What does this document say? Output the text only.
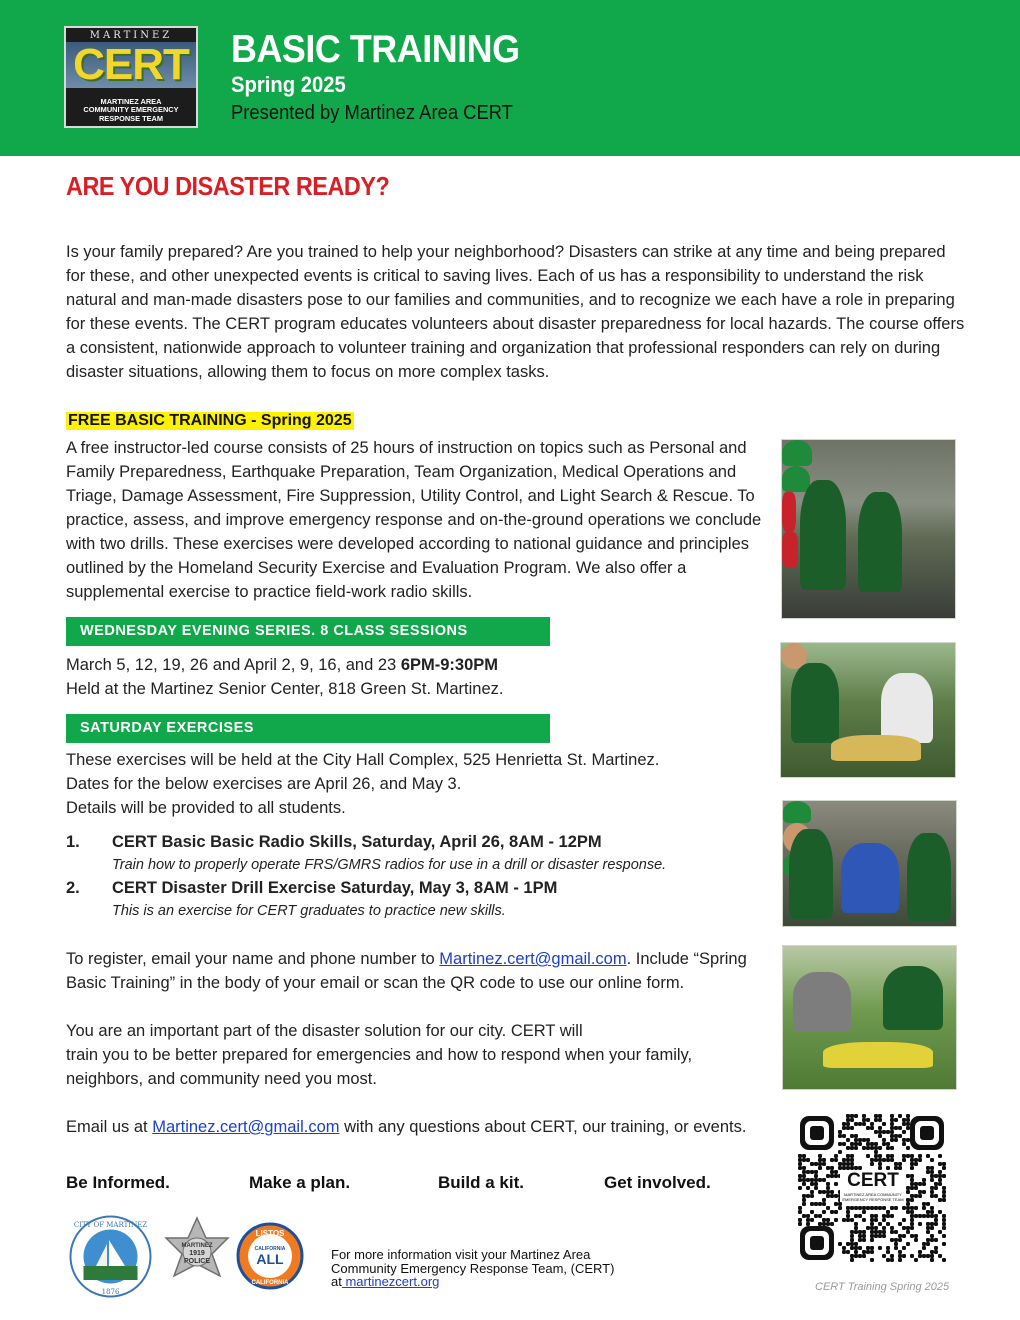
MARTINEZ
CERT
MARTINEZ AREA
COMMUNITY EMERGENCY
RESPONSE TEAM
BASIC TRAINING
Spring 2025
Presented by Martinez Area CERT
ARE YOU DISASTER READY?
Is your family prepared? Are you trained to help your neighborhood? Disasters can strike at any time and being prepared for these, and other unexpected events is critical to saving lives. Each of us has a responsibility to understand the risk natural and man-made disasters pose to our families and communities, and to recognize we each have a role in preparing for these events. The CERT program educates volunteers about disaster preparedness for local hazards. The course offers a consistent, nationwide approach to volunteer training and organization that professional responders can rely on during disaster situations, allowing them to focus on more complex tasks.
FREE BASIC TRAINING - Spring 2025
A free instructor-led course consists of 25 hours of instruction on topics such as Personal and Family Preparedness, Earthquake Preparation, Team Organization, Medical Operations and Triage, Damage Assessment, Fire Suppression, Utility Control, and Light Search & Rescue. To practice, assess, and improve emergency response and on-the-ground operations we conclude with two drills. These exercises were developed according to national guidance and principles outlined by the Homeland Security Exercise and Evaluation Program. We also offer a supplemental exercise to practice field-work radio skills.
WEDNESDAY EVENING SERIES. 8 CLASS SESSIONS
March 5, 12, 19, 26 and April 2, 9, 16, and 23 6PM-9:30PM
Held at the Martinez Senior Center, 818 Green St. Martinez.
SATURDAY EXERCISES
These exercises will be held at the City Hall Complex, 525 Henrietta St. Martinez.
Dates for the below exercises are April 26, and May 3.
Details will be provided to all students.
1. CERT Basic Basic Radio Skills, Saturday, April 26, 8AM - 12PM
Train how to properly operate FRS/GMRS radios for use in a drill or disaster response.
2. CERT Disaster Drill Exercise Saturday, May 3, 8AM - 1PM
This is an exercise for CERT graduates to practice new skills.
To register, email your name and phone number to Martinez.cert@gmail.com. Include “Spring Basic Training” in the body of your email or scan the QR code to use our online form.
You are an important part of the disaster solution for our city. CERT will
train you to be better prepared for emergencies and how to respond when your family, neighbors, and community need you most.
Email us at Martinez.cert@gmail.com with any questions about CERT, our training, or events.
Be Informed.	Make a plan.	Build a kit.	Get involved.	CERT
MARTINEZ AREA COMMUNITY EMERGENCY RESPONSE TEAM
CERT Training Spring 2025
CITY OF MARTINEZ
1876
MARTINEZ
1919
POLICE
LISTOS
CALIFORNIA
ALL
CALIFORNIA
For more information visit your Martinez Area
Community Emergency Response Team, (CERT)
at martinezcert.org
